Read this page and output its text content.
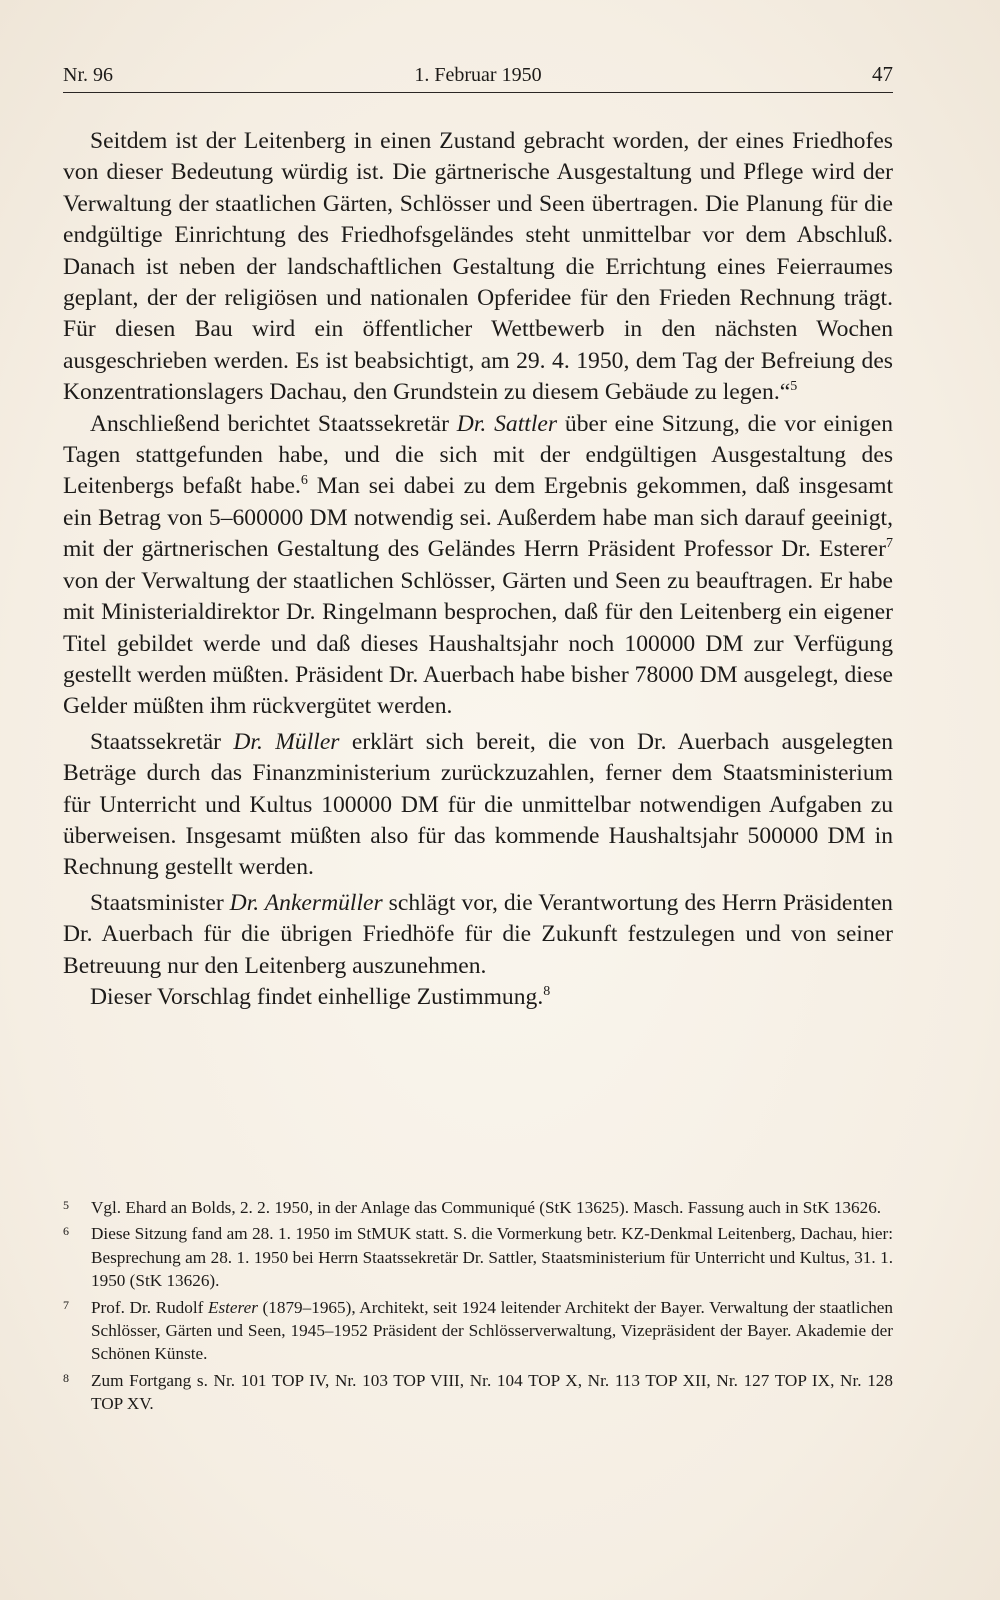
Nr. 96	1. Februar 1950	47

Seitdem ist der Leitenberg in einen Zustand gebracht worden, der eines Friedhofes von dieser Bedeutung würdig ist. Die gärtnerische Ausgestaltung und Pflege wird der Verwaltung der staatlichen Gärten, Schlösser und Seen übertragen. Die Planung für die endgültige Einrichtung des Friedhofsgeländes steht unmittelbar vor dem Abschluß. Danach ist neben der landschaftlichen Gestaltung die Errichtung eines Feierraumes geplant, der der religiösen und nationalen Opferidee für den Frieden Rechnung trägt. Für diesen Bau wird ein öffentlicher Wettbewerb in den nächsten Wochen ausgeschrieben werden. Es ist beabsichtigt, am 29. 4. 1950, dem Tag der Befreiung des Konzentrationslagers Dachau, den Grundstein zu diesem Gebäude zu legen.“$^5$

Anschließend berichtet Staatssekretär Dr. Sattler über eine Sitzung, die vor einigen Tagen stattgefunden habe, und die sich mit der endgültigen Ausgestaltung des Leitenbergs befaßt habe.$^6$ Man sei dabei zu dem Ergebnis gekommen, daß insgesamt ein Betrag von 5–600000 DM notwendig sei. Außerdem habe man sich darauf geeinigt, mit der gärtnerischen Gestaltung des Geländes Herrn Präsident Professor Dr. Esterer$^7$ von der Verwaltung der staatlichen Schlösser, Gärten und Seen zu beauftragen. Er habe mit Ministerialdirektor Dr. Ringelmann besprochen, daß für den Leitenberg ein eigener Titel gebildet werde und daß dieses Haushaltsjahr noch 100000 DM zur Verfügung gestellt werden müßten. Präsident Dr. Auerbach habe bisher 78000 DM ausgelegt, diese Gelder müßten ihm rückvergütet werden.

Staatssekretär Dr. Müller erklärt sich bereit, die von Dr. Auerbach ausgelegten Beträge durch das Finanzministerium zurückzuzahlen, ferner dem Staatsministerium für Unterricht und Kultus 100000 DM für die unmittelbar notwendigen Aufgaben zu überweisen. Insgesamt müßten also für das kommende Haushaltsjahr 500000 DM in Rechnung gestellt werden.

Staatsminister Dr. Ankermüller schlägt vor, die Verantwortung des Herrn Präsidenten Dr. Auerbach für die übrigen Friedhöfe für die Zukunft festzulegen und von seiner Betreuung nur den Leitenberg auszunehmen.

Dieser Vorschlag findet einhellige Zustimmung.$^8$

5 Vgl. Ehard an Bolds, 2. 2. 1950, in der Anlage das Communiqué (StK 13625). Masch. Fassung auch in StK 13626.
6 Diese Sitzung fand am 28. 1. 1950 im StMUK statt. S. die Vormerkung betr. KZ-Denkmal Leitenberg, Dachau, hier: Besprechung am 28. 1. 1950 bei Herrn Staatssekretär Dr. Sattler, Staatsministerium für Unterricht und Kultus, 31. 1. 1950 (StK 13626).
7 Prof. Dr. Rudolf Esterer (1879–1965), Architekt, seit 1924 leitender Architekt der Bayer. Verwaltung der staatlichen Schlösser, Gärten und Seen, 1945–1952 Präsident der Schlösserverwaltung, Vizepräsident der Bayer. Akademie der Schönen Künste.
8 Zum Fortgang s. Nr. 101 TOP IV, Nr. 103 TOP VIII, Nr. 104 TOP X, Nr. 113 TOP XII, Nr. 127 TOP IX, Nr. 128 TOP XV.
